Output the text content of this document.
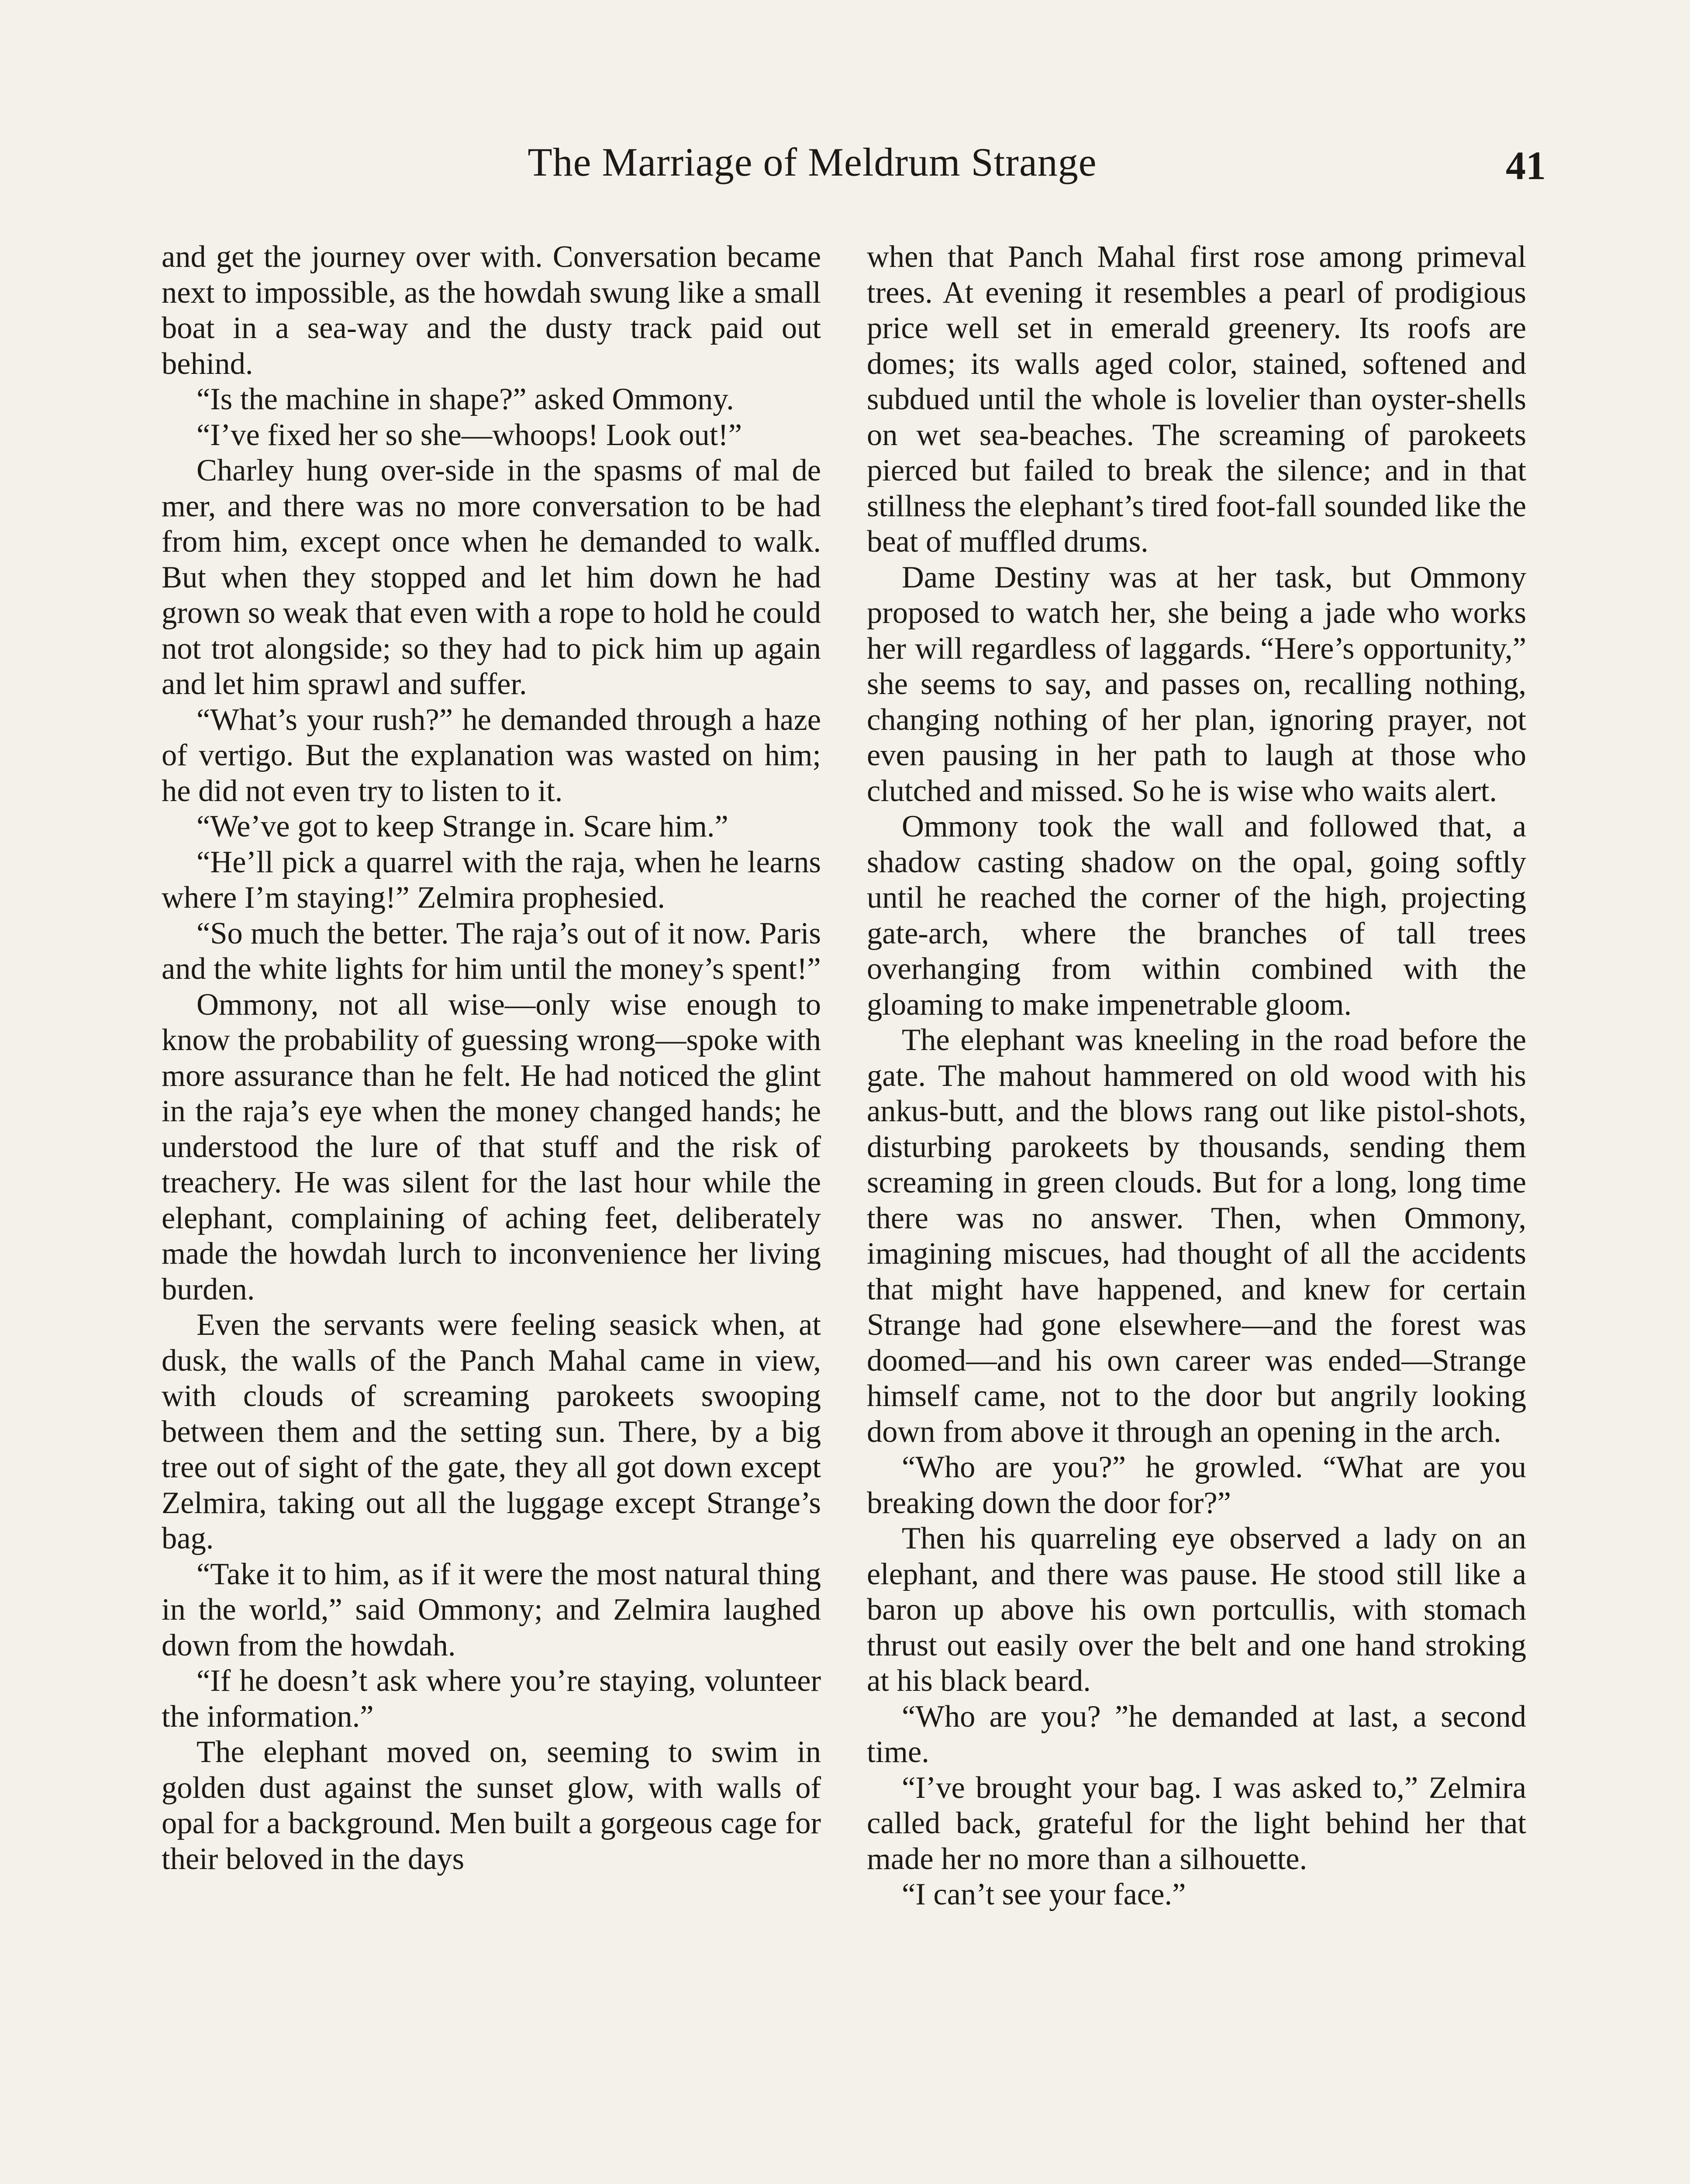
The Marriage of Meldrum Strange	41

and get the journey over with. Conversation became next to impossible, as the howdah swung like a small boat in a sea-way and the dusty track paid out behind.

“Is the machine in shape?” asked Ommony.

“I’ve fixed her so she—whoops! Look out!”

Charley hung over-side in the spasms of mal de mer, and there was no more conversation to be had from him, except once when he demanded to walk. But when they stopped and let him down he had grown so weak that even with a rope to hold he could not trot alongside; so they had to pick him up again and let him sprawl and suffer.

“What’s your rush?” he demanded through a haze of vertigo. But the explanation was wasted on him; he did not even try to listen to it.

“We’ve got to keep Strange in. Scare him.”

“He’ll pick a quarrel with the raja, when he learns where I’m staying!” Zelmira prophesied.

“So much the better. The raja’s out of it now. Paris and the white lights for him until the money’s spent!”

Ommony, not all wise—only wise enough to know the probability of guessing wrong—spoke with more assurance than he felt. He had noticed the glint in the raja’s eye when the money changed hands; he understood the lure of that stuff and the risk of treachery. He was silent for the last hour while the elephant, complaining of aching feet, deliberately made the howdah lurch to inconvenience her living burden.

Even the servants were feeling seasick when, at dusk, the walls of the Panch Mahal came in view, with clouds of screaming parokeets swooping between them and the setting sun. There, by a big tree out of sight of the gate, they all got down except Zelmira, taking out all the luggage except Strange’s bag.

“Take it to him, as if it were the most natural thing in the world,” said Ommony; and Zelmira laughed down from the howdah.

“If he doesn’t ask where you’re staying, volunteer the information.”

The elephant moved on, seeming to swim in golden dust against the sunset glow, with walls of opal for a background. Men built a gorgeous cage for their beloved in the days

when that Panch Mahal first rose among primeval trees. At evening it resembles a pearl of prodigious price well set in emerald greenery. Its roofs are domes; its walls aged color, stained, softened and subdued until the whole is lovelier than oyster-shells on wet sea-beaches. The screaming of parokeets pierced but failed to break the silence; and in that stillness the elephant’s tired foot-fall sounded like the beat of muffled drums.

Dame Destiny was at her task, but Ommony proposed to watch her, she being a jade who works her will regardless of laggards. “Here’s opportunity,” she seems to say, and passes on, recalling nothing, changing nothing of her plan, ignoring prayer, not even pausing in her path to laugh at those who clutched and missed. So he is wise who waits alert.

Ommony took the wall and followed that, a shadow casting shadow on the opal, going softly until he reached the corner of the high, projecting gate-arch, where the branches of tall trees overhanging from within combined with the gloaming to make impenetrable gloom.

The elephant was kneeling in the road before the gate. The mahout hammered on old wood with his ankus-butt, and the blows rang out like pistol-shots, disturbing parokeets by thousands, sending them screaming in green clouds. But for a long, long time there was no answer. Then, when Ommony, imagining miscues, had thought of all the accidents that might have happened, and knew for certain Strange had gone elsewhere—and the forest was doomed—and his own career was ended—Strange himself came, not to the door but angrily looking down from above it through an opening in the arch.

“Who are you?” he growled. “What are you breaking down the door for?”

Then his quarreling eye observed a lady on an elephant, and there was pause. He stood still like a baron up above his own portcullis, with stomach thrust out easily over the belt and one hand stroking at his black beard.

“Who are you? ”he demanded at last, a second time.

“I’ve brought your bag. I was asked to,” Zelmira called back, grateful for the light behind her that made her no more than a silhouette.

“I can’t see your face.”
